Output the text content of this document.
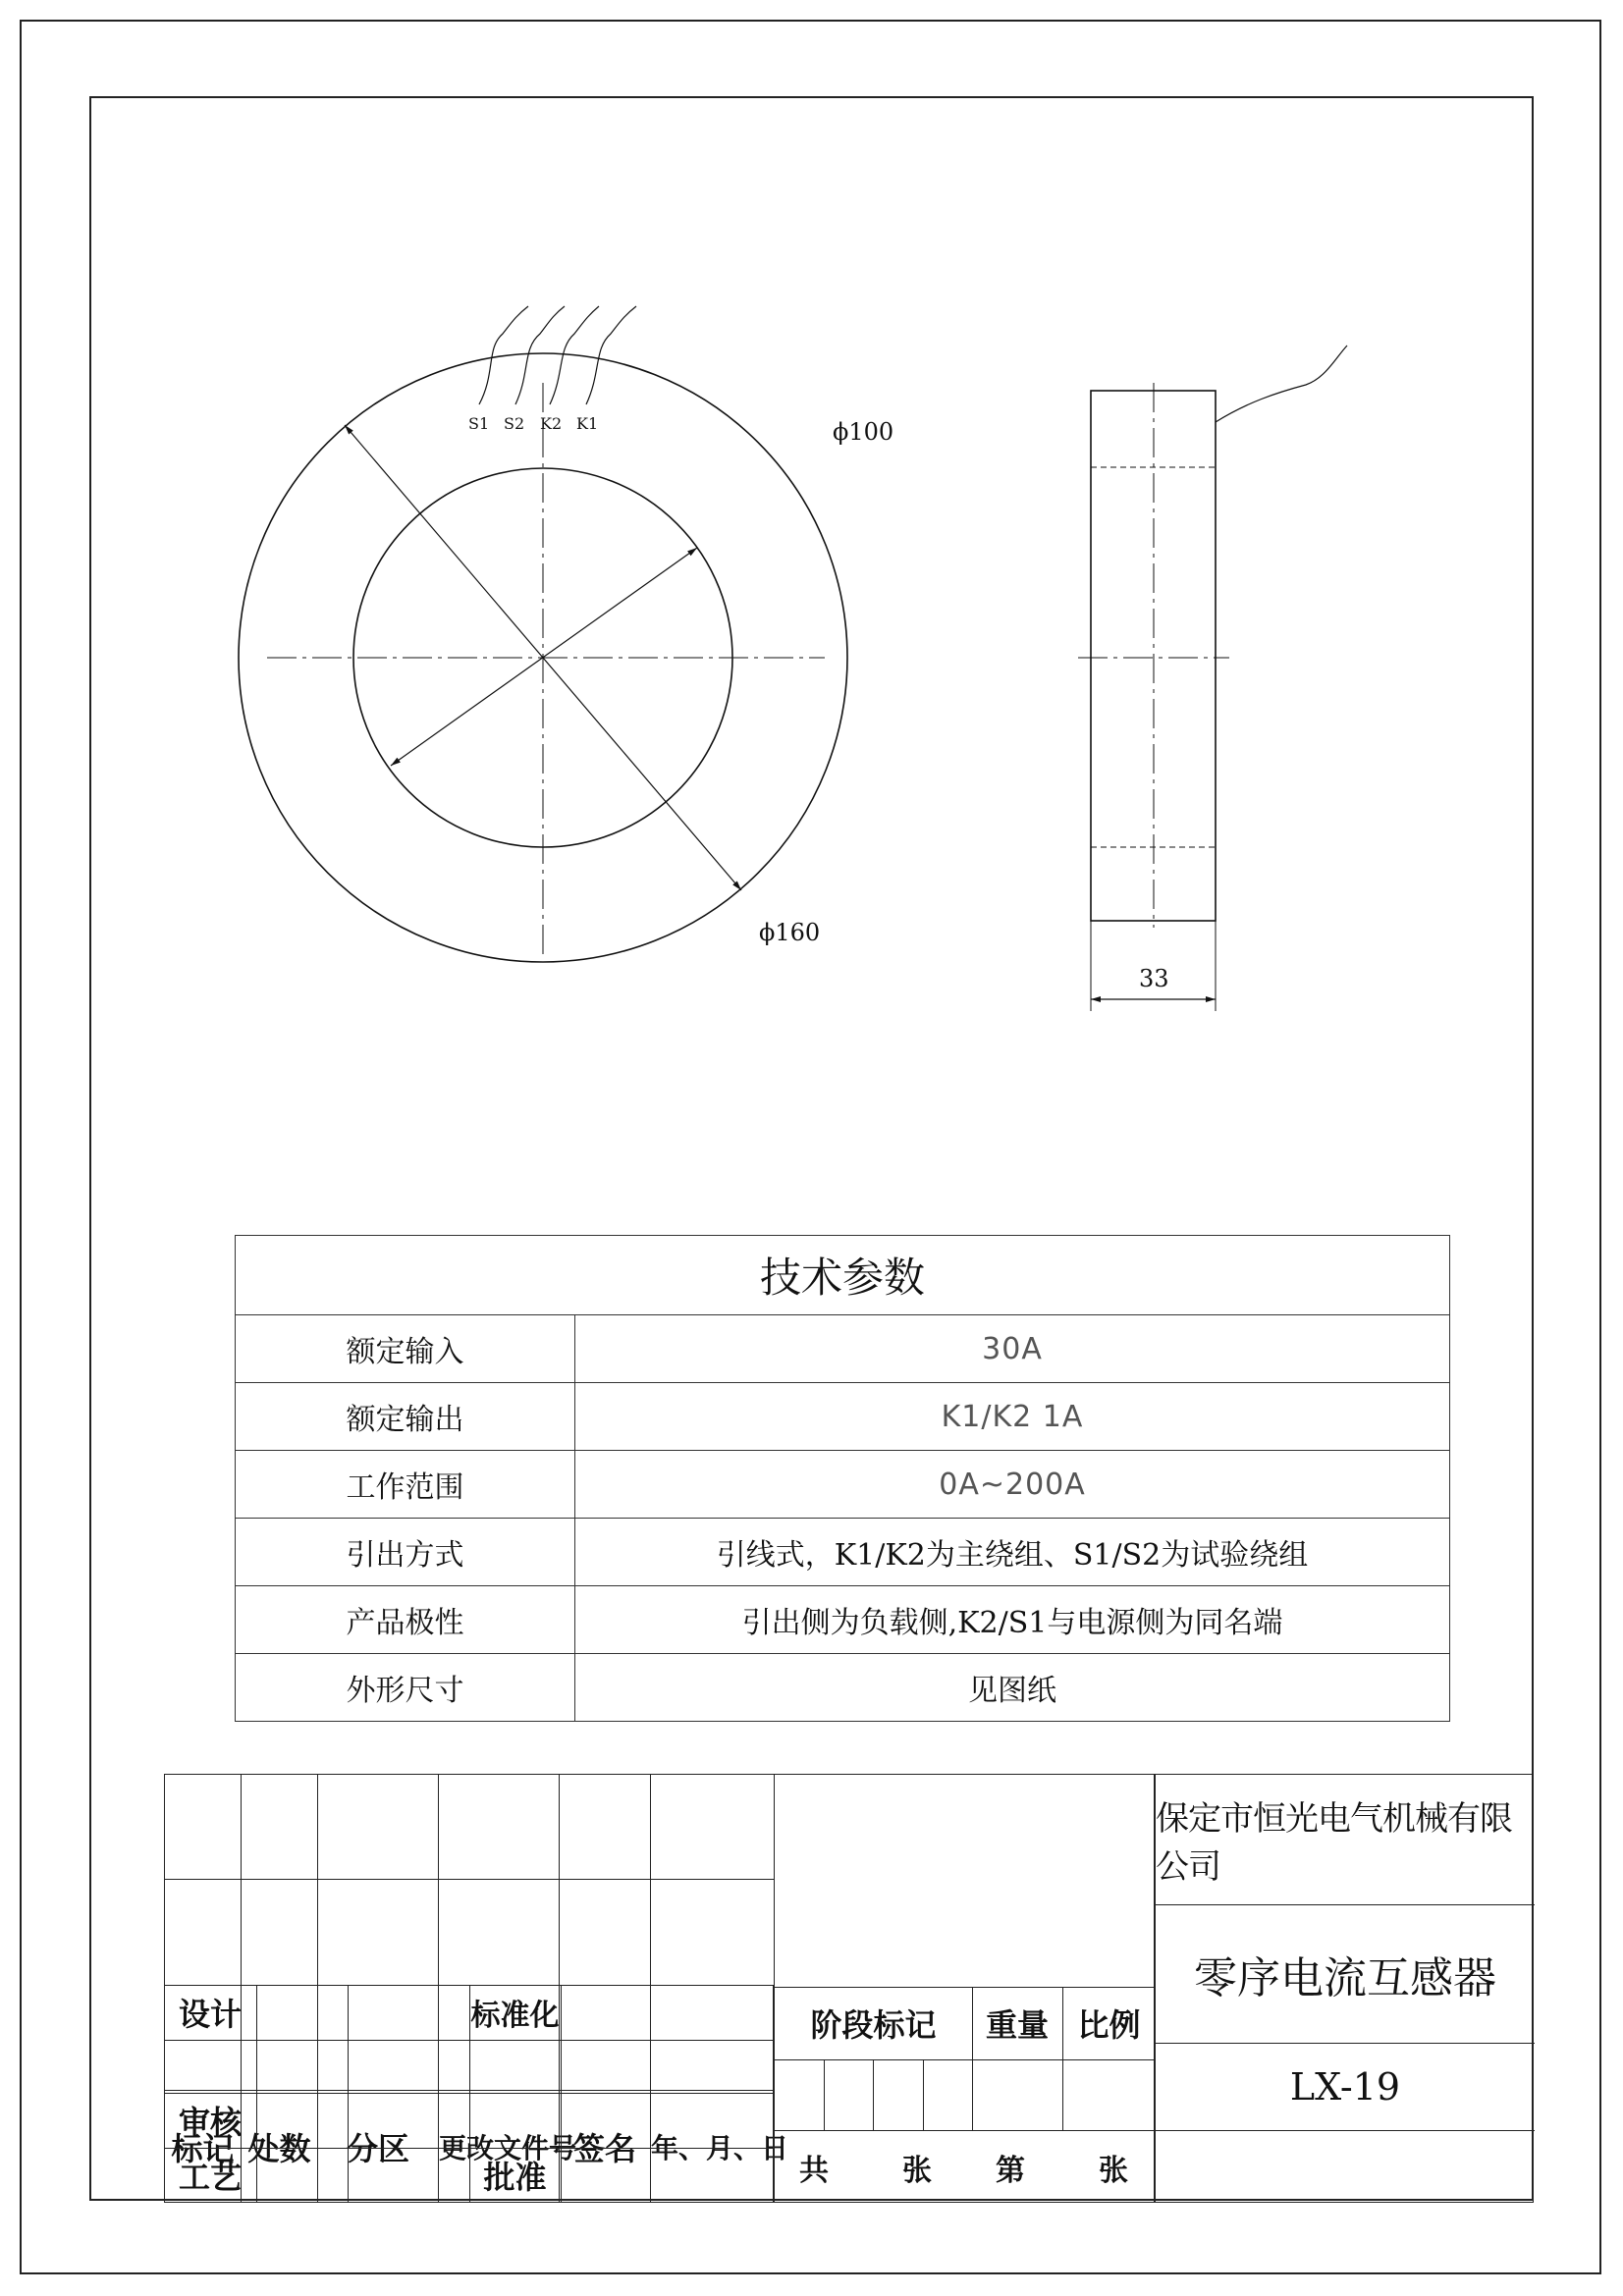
ϕ100
ϕ160
S1 S2 K2 K1
33
技术参数	
额定输入	30A
额定输出	K1/K2 1A
工作范围	0A~200A
引出方式	引线式，K1/K2为主绕组、S1/S2为试验绕组
产品极性	引出侧为负载侧,K2/S1与电源侧为同名端
外形尺寸	见图纸

标记	处数	分区	更改文件号	签名	年、月、日
设计	标准化
审核
工艺	批准
阶段标记	重量 比例
共	张	第	张
保定市恒光电气机械有限公司
零序电流互感器
LX-19
